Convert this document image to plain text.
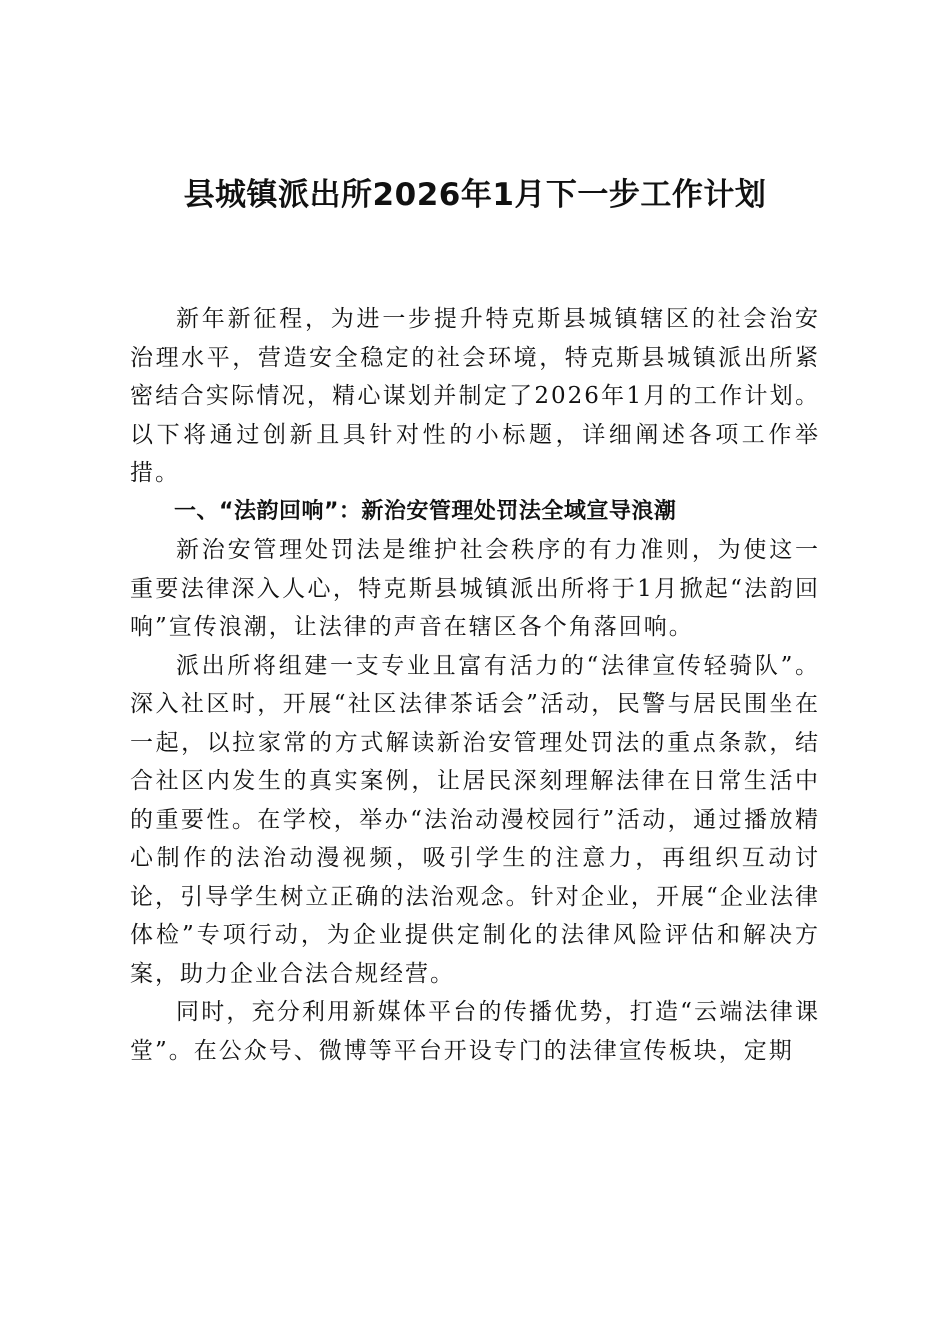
县城镇派出所2026年1月下一步工作计划

新年新征程，为进一步提升特克斯县城镇辖区的社会治安治理水平，营造安全稳定的社会环境，特克斯县城镇派出所紧密结合实际情况，精心谋划并制定了2026年1月的工作计划。以下将通过创新且具针对性的小标题，详细阐述各项工作举措。

一、“法韵回响”：新治安管理处罚法全域宣导浪潮

新治安管理处罚法是维护社会秩序的有力准则，为使这一重要法律深入人心，特克斯县城镇派出所将于1月掀起“法韵回响”宣传浪潮，让法律的声音在辖区各个角落回响。

派出所将组建一支专业且富有活力的“法律宣传轻骑队”。深入社区时，开展“社区法律茶话会”活动，民警与居民围坐在一起，以拉家常的方式解读新治安管理处罚法的重点条款，结合社区内发生的真实案例，让居民深刻理解法律在日常生活中的重要性。在学校，举办“法治动漫校园行”活动，通过播放精心制作的法治动漫视频，吸引学生的注意力，再组织互动讨论，引导学生树立正确的法治观念。针对企业，开展“企业法律体检”专项行动，为企业提供定制化的法律风险评估和解决方案，助力企业合法合规经营。

同时，充分利用新媒体平台的传播优势，打造“云端法律课堂”。在公众号、微博等平台开设专门的法律宣传板块，定期
